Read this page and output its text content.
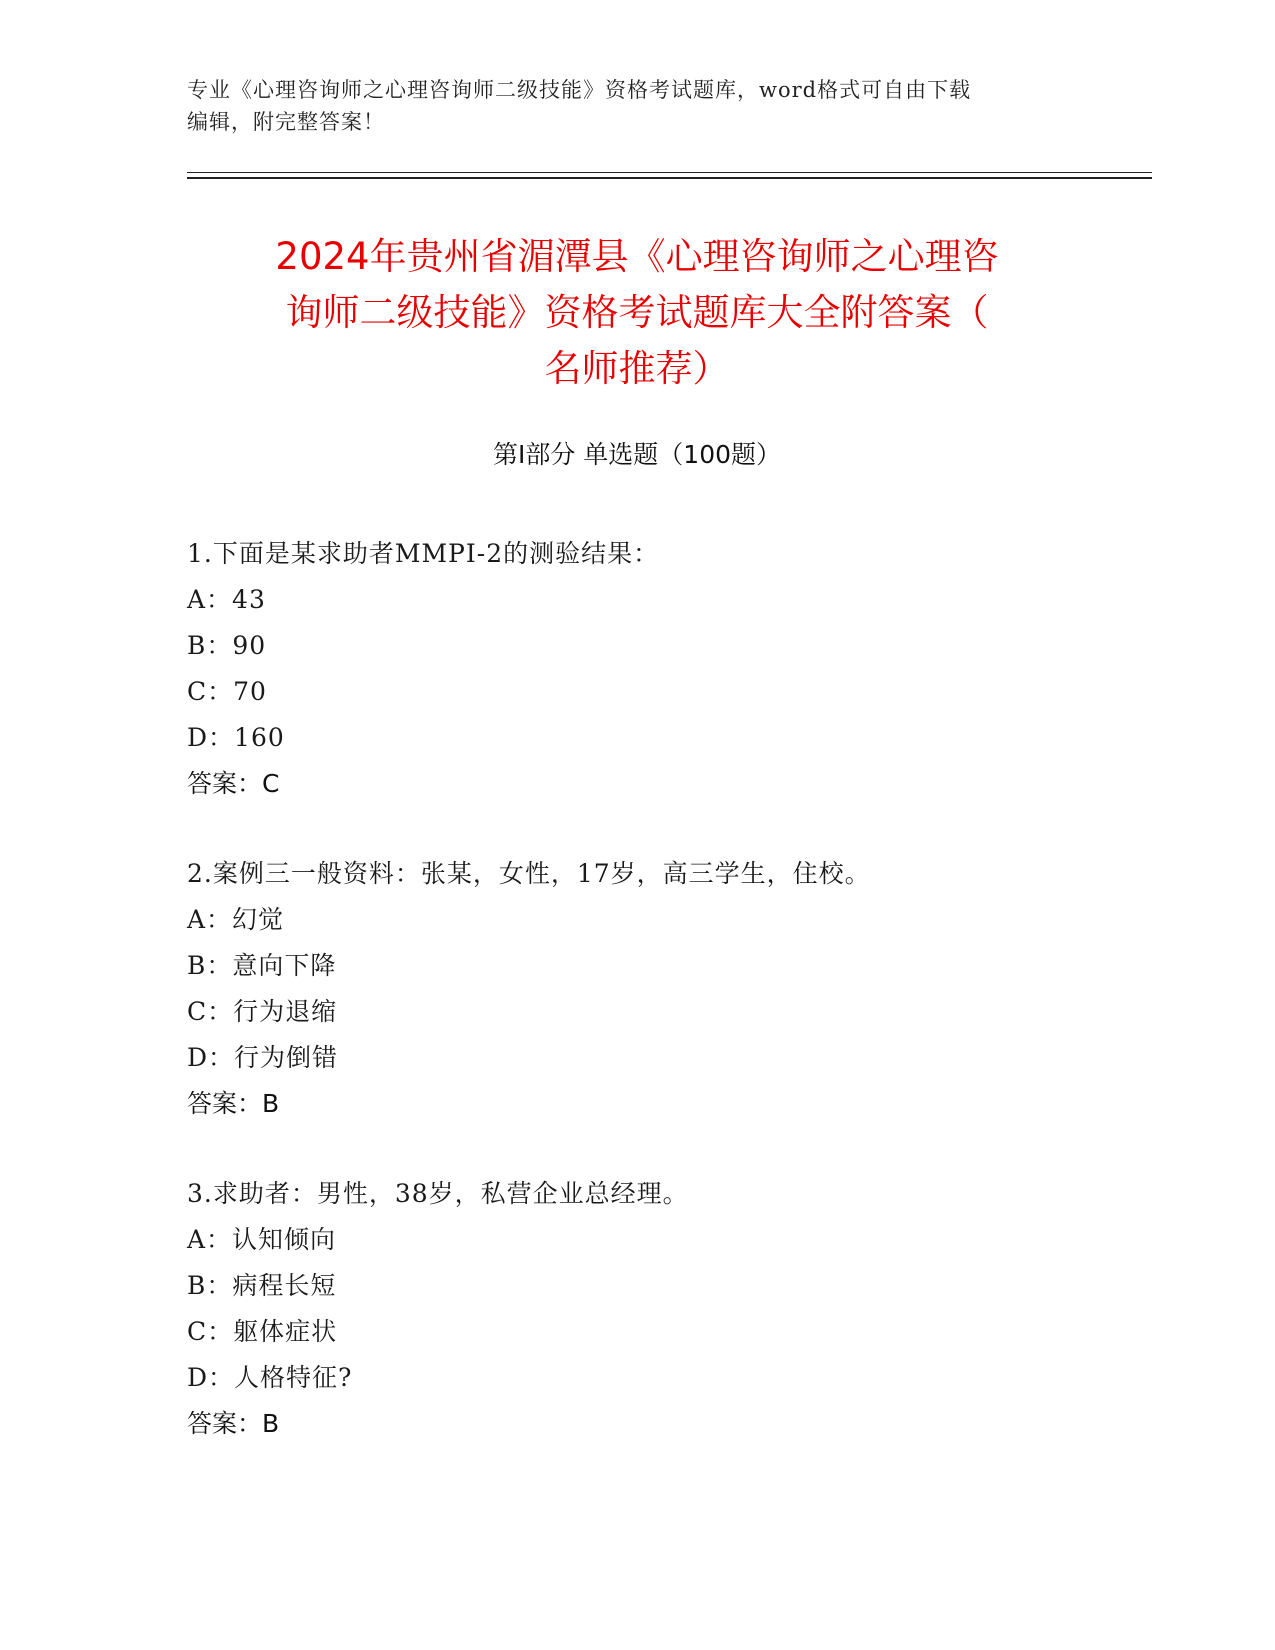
专业《心理咨询师之心理咨询师二级技能》资格考试题库，word格式可自由下载
编辑，附完整答案！
2024年贵州省湄潭县《心理咨询师之心理咨
询师二级技能》资格考试题库大全附答案（
名师推荐）
第Ⅰ部分 单选题（100题）
1.下面是某求助者MMPI-2的测验结果：
A：43
B：90
C：70
D：160
答案：C
2.案例三一般资料：张某，女性，17岁，高三学生，住校。
A：幻觉
B：意向下降
C：行为退缩
D：行为倒错
答案：B
3.求助者：男性，38岁，私营企业总经理。
A：认知倾向
B：病程长短
C：躯体症状
D：人格特征?
答案：B
